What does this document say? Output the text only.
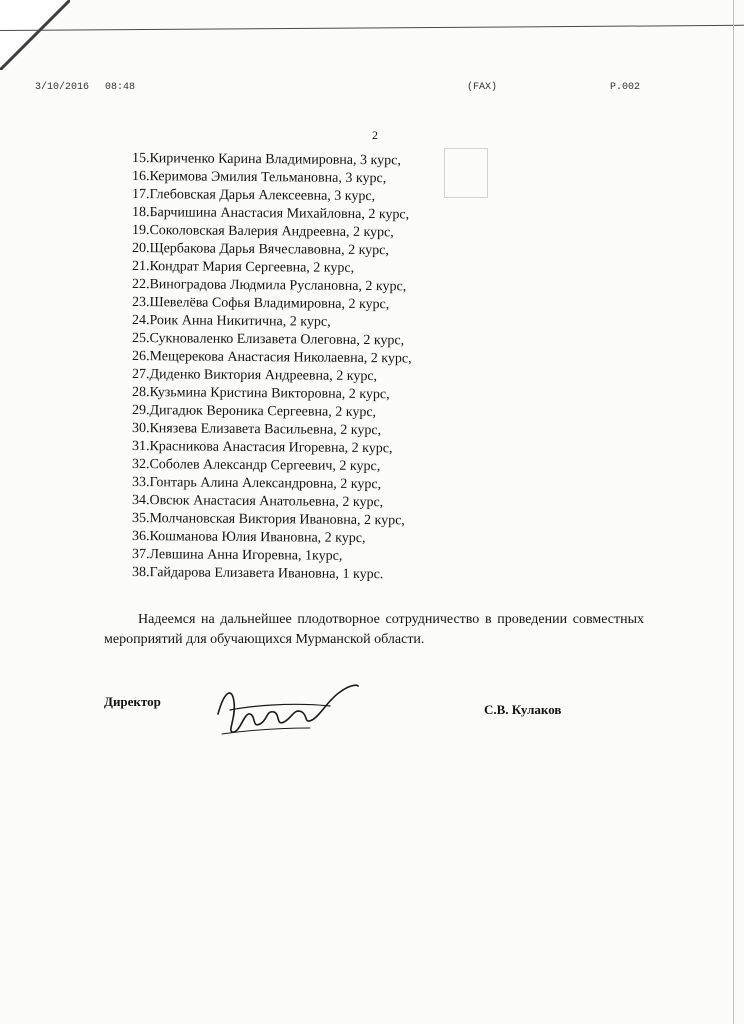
3/10/2016 08:48	(FAX)	P.002
2
15.Кириченко Карина Владимировна, 3 курс,
16.Керимова Эмилия Тельмановна, 3 курс,
17.Глебовская Дарья Алексеевна, 3 курс,
18.Барчишина Анастасия Михайловна, 2 курс,
19.Соколовская Валерия Андреевна, 2 курс,
20.Щербакова Дарья Вячеславовна, 2 курс,
21.Кондрат Мария Сергеевна, 2 курс,
22.Виноградова Людмила Руслановна, 2 курс,
23.Шевелёва Софья Владимировна, 2 курс,
24.Роик Анна Никитична, 2 курс,
25.Сукноваленко Елизавета Олеговна, 2 курс,
26.Мещерекова Анастасия Николаевна, 2 курс,
27.Диденко Виктория Андреевна, 2 курс,
28.Кузьмина Кристина Викторовна, 2 курс,
29.Дигадюк Вероника Сергеевна, 2 курс,
30.Князева Елизавета Васильевна, 2 курс,
31.Красникова Анастасия Игоревна, 2 курс,
32.Соболев Александр Сергеевич, 2 курс,
33.Гонтарь Алина Александровна, 2 курс,
34.Овсюк Анастасия Анатольевна, 2 курс,
35.Молчановская Виктория Ивановна, 2 курс,
36.Кошманова Юлия Ивановна, 2 курс,
37.Левшина Анна Игоревна, 1курс,
38.Гайдарова Елизавета Ивановна, 1 курс.

Надеемся на дальнейшее плодотворное сотрудничество в проведении совместных мероприятий для обучающихся Мурманской области.

Директор
С.В. Кулаков
